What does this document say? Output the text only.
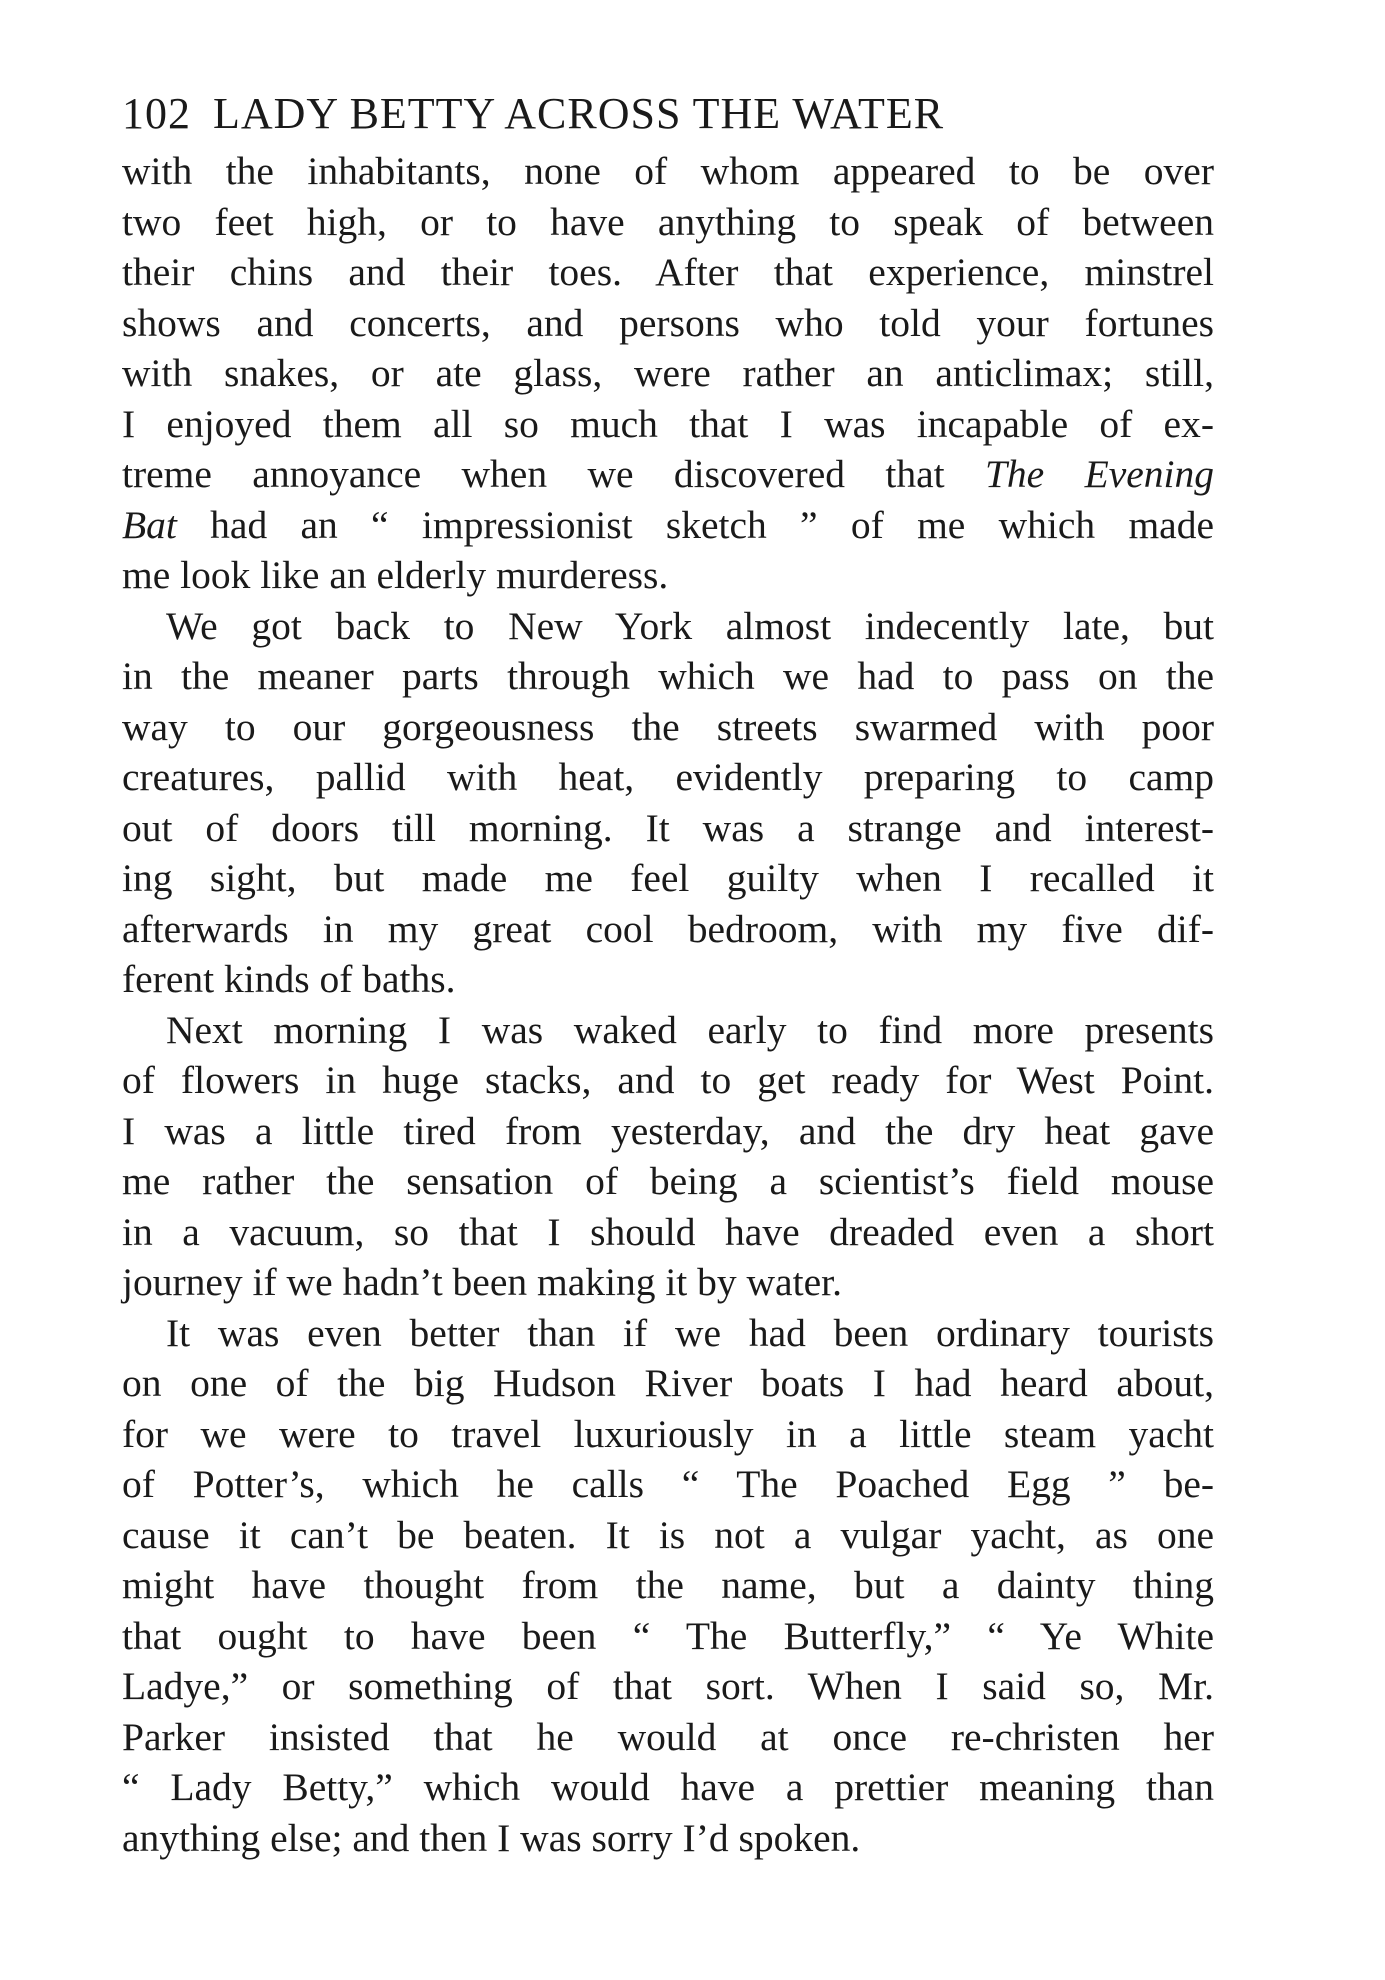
102 LADY BETTY ACROSS THE WATER
with the inhabitants, none of whom appeared to be over
two feet high, or to have anything to speak of between
their chins and their toes. After that experience, minstrel
shows and concerts, and persons who told your fortunes
with snakes, or ate glass, were rather an anticlimax; still,
I enjoyed them all so much that I was incapable of ex-
treme annoyance when we discovered that The Evening
Bat had an “ impressionist sketch ” of me which made
me look like an elderly murderess.
We got back to New York almost indecently late, but
in the meaner parts through which we had to pass on the
way to our gorgeousness the streets swarmed with poor
creatures, pallid with heat, evidently preparing to camp
out of doors till morning. It was a strange and interest-
ing sight, but made me feel guilty when I recalled it
afterwards in my great cool bedroom, with my five dif-
ferent kinds of baths.
Next morning I was waked early to find more presents
of flowers in huge stacks, and to get ready for West Point.
I was a little tired from yesterday, and the dry heat gave
me rather the sensation of being a scientist’s field mouse
in a vacuum, so that I should have dreaded even a short
journey if we hadn’t been making it by water.
It was even better than if we had been ordinary tourists
on one of the big Hudson River boats I had heard about,
for we were to travel luxuriously in a little steam yacht
of Potter’s, which he calls “ The Poached Egg ” be-
cause it can’t be beaten. It is not a vulgar yacht, as one
might have thought from the name, but a dainty thing
that ought to have been “ The Butterfly,” “ Ye White
Ladye,” or something of that sort. When I said so, Mr.
Parker insisted that he would at once re-christen her
“ Lady Betty,” which would have a prettier meaning than
anything else; and then I was sorry I’d spoken.
